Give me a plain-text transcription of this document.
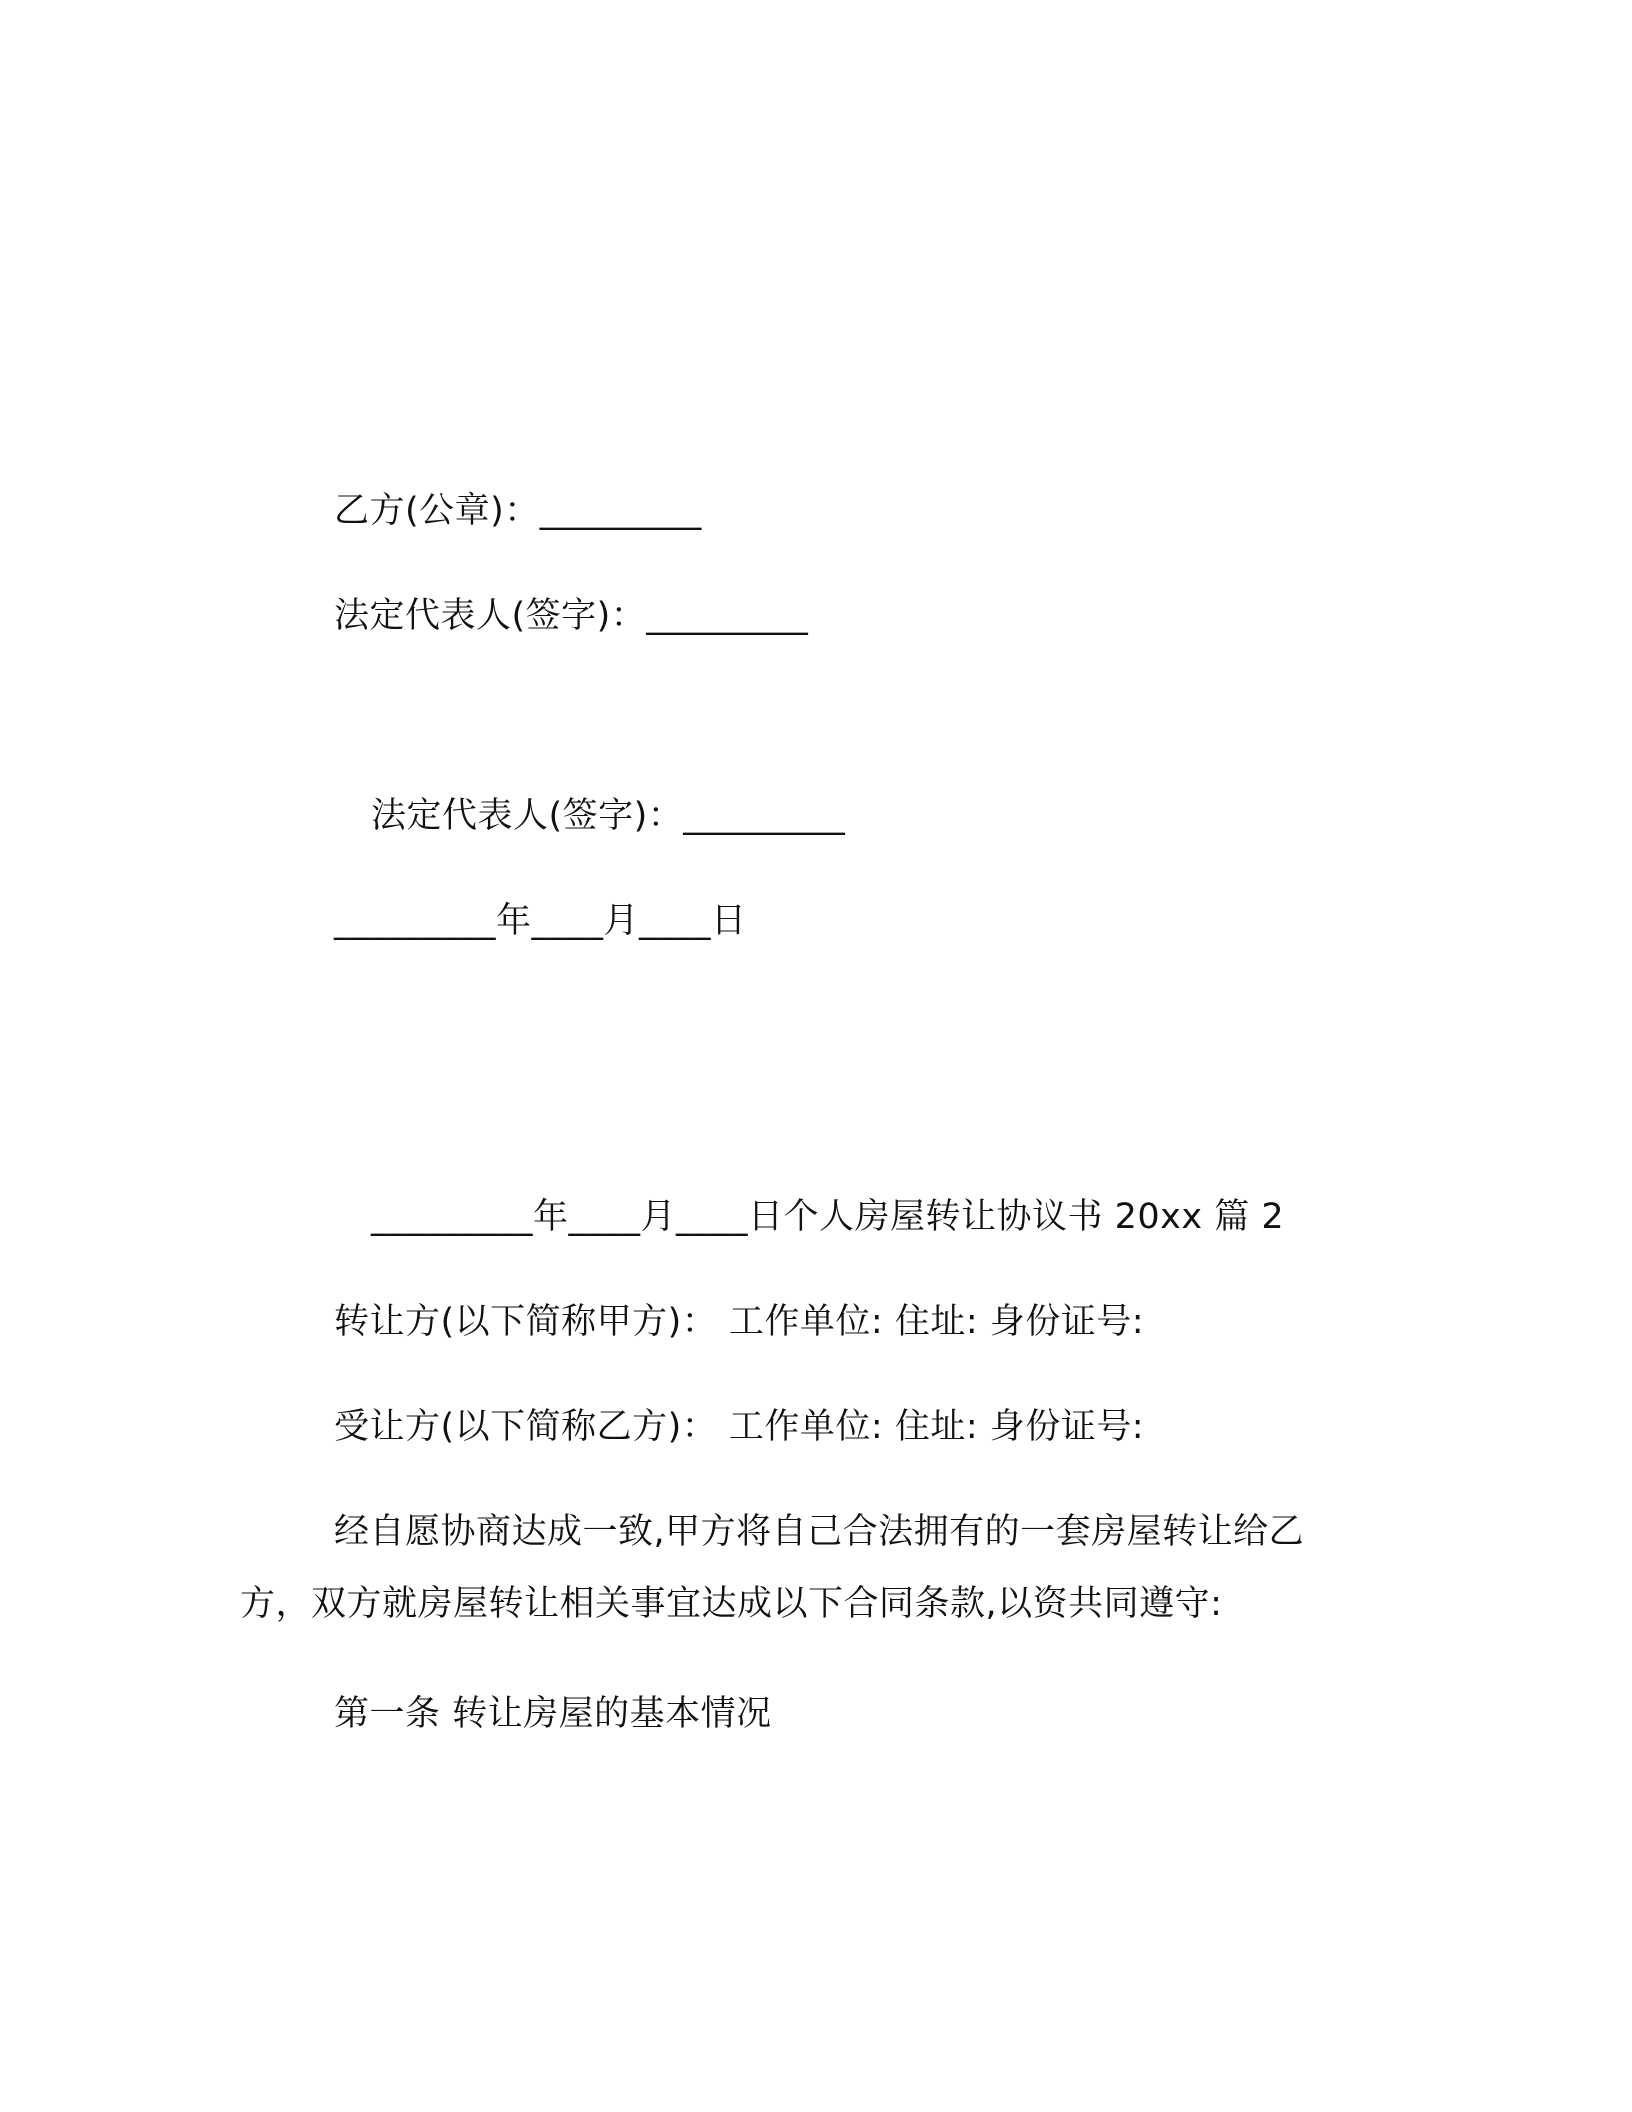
乙方(公章)：_________
法定代表人(签字)：_________
法定代表人(签字)：_________
_________年____月____日
_________年____月____日个人房屋转让协议书 20xx 篇 2
转让方(以下简称甲方)： 工作单位: 住址: 身份证号:
受让方(以下简称乙方)： 工作单位: 住址: 身份证号:
经自愿协商达成一致,甲方将自己合法拥有的一套房屋转让给乙
方，双方就房屋转让相关事宜达成以下合同条款,以资共同遵守:
第一条 转让房屋的基本情况
